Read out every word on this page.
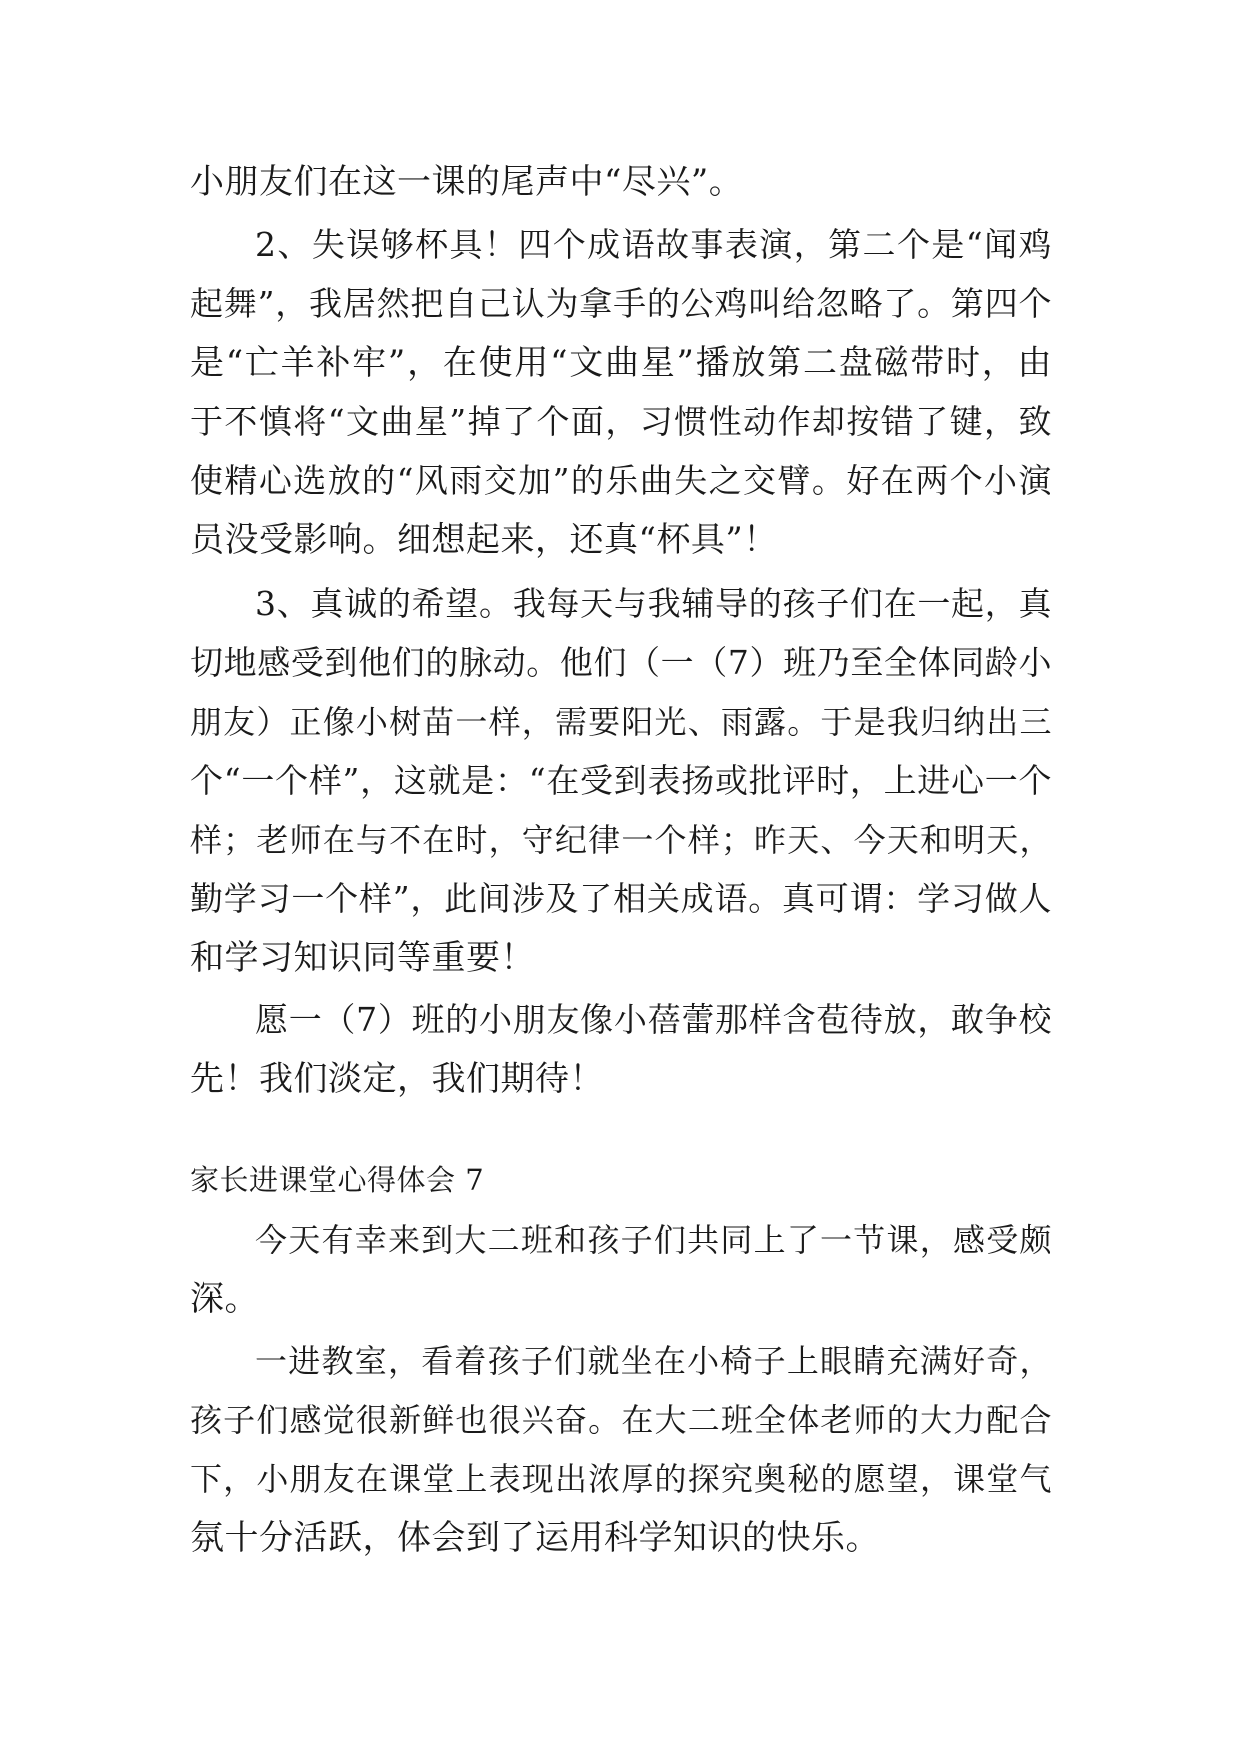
小朋友们在这一课的尾声中“尽兴”。

2、失误够杯具！四个成语故事表演，第二个是“闻鸡

起舞”，我居然把自己认为拿手的公鸡叫给忽略了。第四个

是“亡羊补牢”，在使用“文曲星”播放第二盘磁带时，由

于不慎将“文曲星”掉了个面，习惯性动作却按错了键，致

使精心选放的“风雨交加”的乐曲失之交臂。好在两个小演

员没受影响。细想起来，还真“杯具”！

3、真诚的希望。我每天与我辅导的孩子们在一起，真

切地感受到他们的脉动。他们（一（7）班乃至全体同龄小

朋友）正像小树苗一样，需要阳光、雨露。于是我归纳出三

个“一个样”，这就是：“在受到表扬或批评时，上进心一个

样；老师在与不在时，守纪律一个样；昨天、今天和明天，

勤学习一个样”，此间涉及了相关成语。真可谓：学习做人

和学习知识同等重要！

愿一（7）班的小朋友像小蓓蕾那样含苞待放，敢争校

先！我们淡定，我们期待！

家长进课堂心得体会 7

今天有幸来到大二班和孩子们共同上了一节课，感受颇

深。

一进教室，看着孩子们就坐在小椅子上眼睛充满好奇，

孩子们感觉很新鲜也很兴奋。在大二班全体老师的大力配合

下，小朋友在课堂上表现出浓厚的探究奥秘的愿望，课堂气

氛十分活跃，体会到了运用科学知识的快乐。
